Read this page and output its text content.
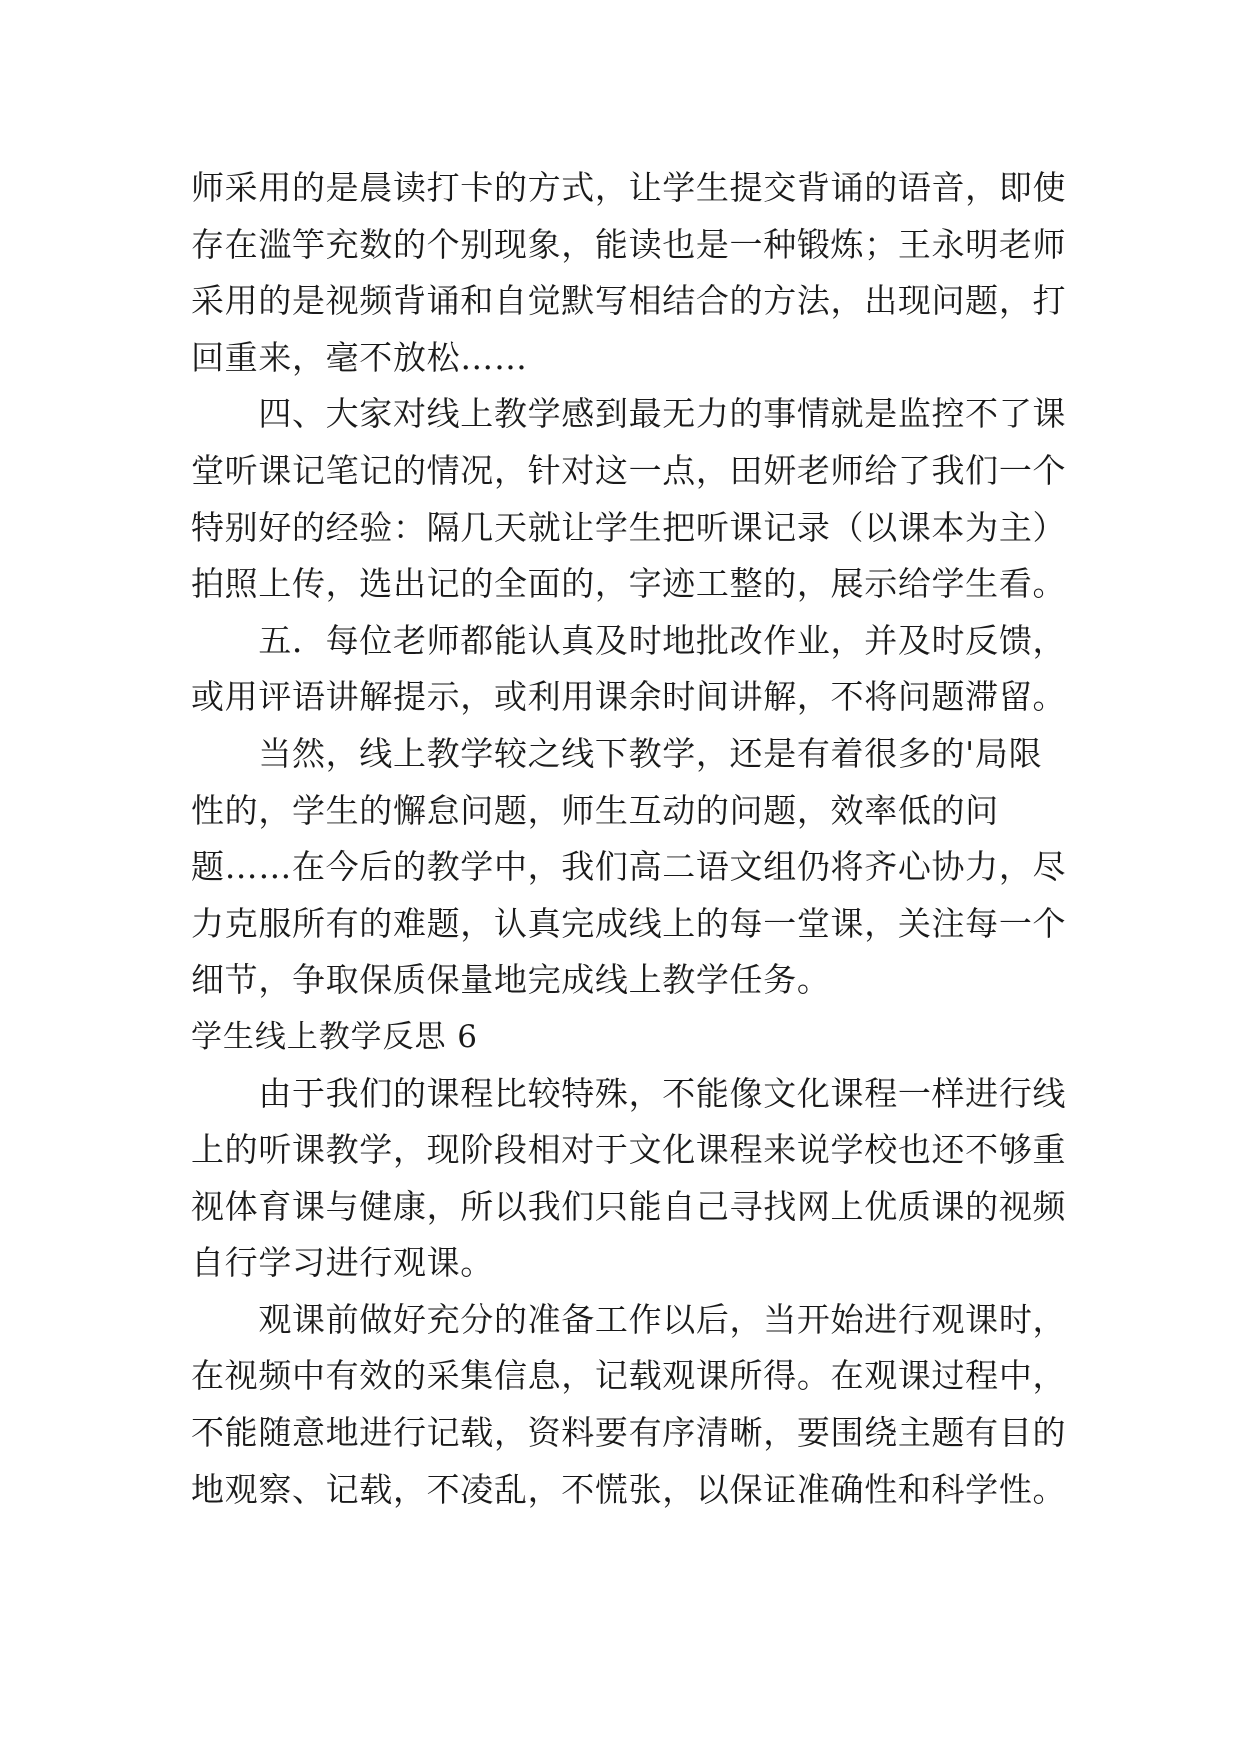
师采用的是晨读打卡的方式，让学生提交背诵的语音，即使
存在滥竽充数的个别现象，能读也是一种锻炼；王永明老师
采用的是视频背诵和自觉默写相结合的方法，出现问题，打
回重来，毫不放松……
　　四、大家对线上教学感到最无力的事情就是监控不了课
堂听课记笔记的情况，针对这一点，田妍老师给了我们一个
特别好的经验：隔几天就让学生把听课记录（以课本为主）
拍照上传，选出记的全面的，字迹工整的，展示给学生看。
　　五．每位老师都能认真及时地批改作业，并及时反馈，
或用评语讲解提示，或利用课余时间讲解，不将问题滞留。
　　当然，线上教学较之线下教学，还是有着很多的'局限
性的，学生的懈怠问题，师生互动的问题，效率低的问
题……在今后的教学中，我们高二语文组仍将齐心协力，尽
力克服所有的难题，认真完成线上的每一堂课，关注每一个
细节，争取保质保量地完成线上教学任务。
学生线上教学反思 6
　　由于我们的课程比较特殊，不能像文化课程一样进行线
上的听课教学，现阶段相对于文化课程来说学校也还不够重
视体育课与健康，所以我们只能自己寻找网上优质课的视频
自行学习进行观课。
　　观课前做好充分的准备工作以后，当开始进行观课时，
在视频中有效的采集信息，记载观课所得。在观课过程中，
不能随意地进行记载，资料要有序清晰，要围绕主题有目的
地观察、记载，不凌乱，不慌张，以保证准确性和科学性。
